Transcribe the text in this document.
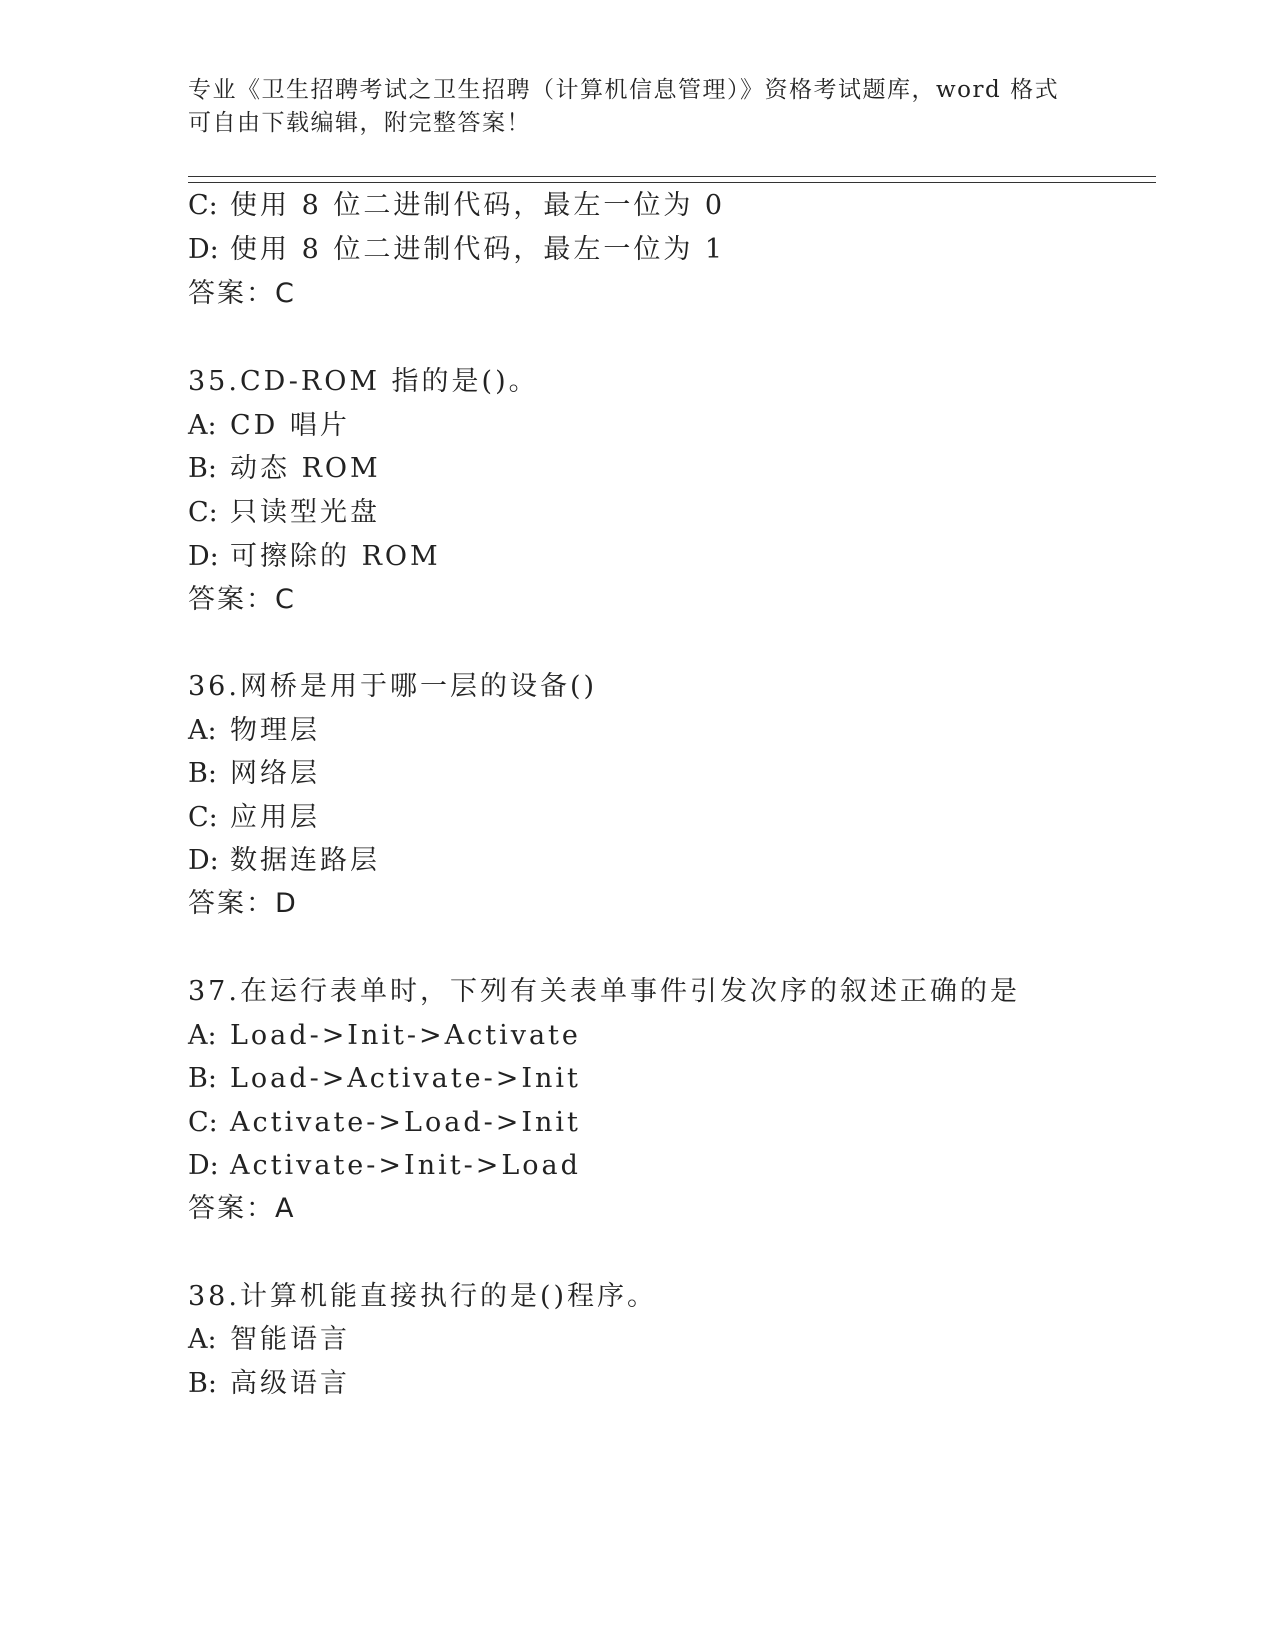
专业《卫生招聘考试之卫生招聘（计算机信息管理）》资格考试题库，word 格式
可自由下载编辑，附完整答案！
C: 使用 8 位二进制代码，最左一位为 0
D: 使用 8 位二进制代码，最左一位为 1
答案：C
35.CD-ROM 指的是()。
A: CD 唱片
B: 动态 ROM
C: 只读型光盘
D: 可擦除的 ROM
答案：C
36.网桥是用于哪一层的设备()
A: 物理层
B: 网络层
C: 应用层
D: 数据连路层
答案：D
37.在运行表单时，下列有关表单事件引发次序的叙述正确的是
A: Load->Init->Activate
B: Load->Activate->Init
C: Activate->Load->Init
D: Activate->Init->Load
答案：A
38.计算机能直接执行的是()程序。
A: 智能语言
B: 高级语言
